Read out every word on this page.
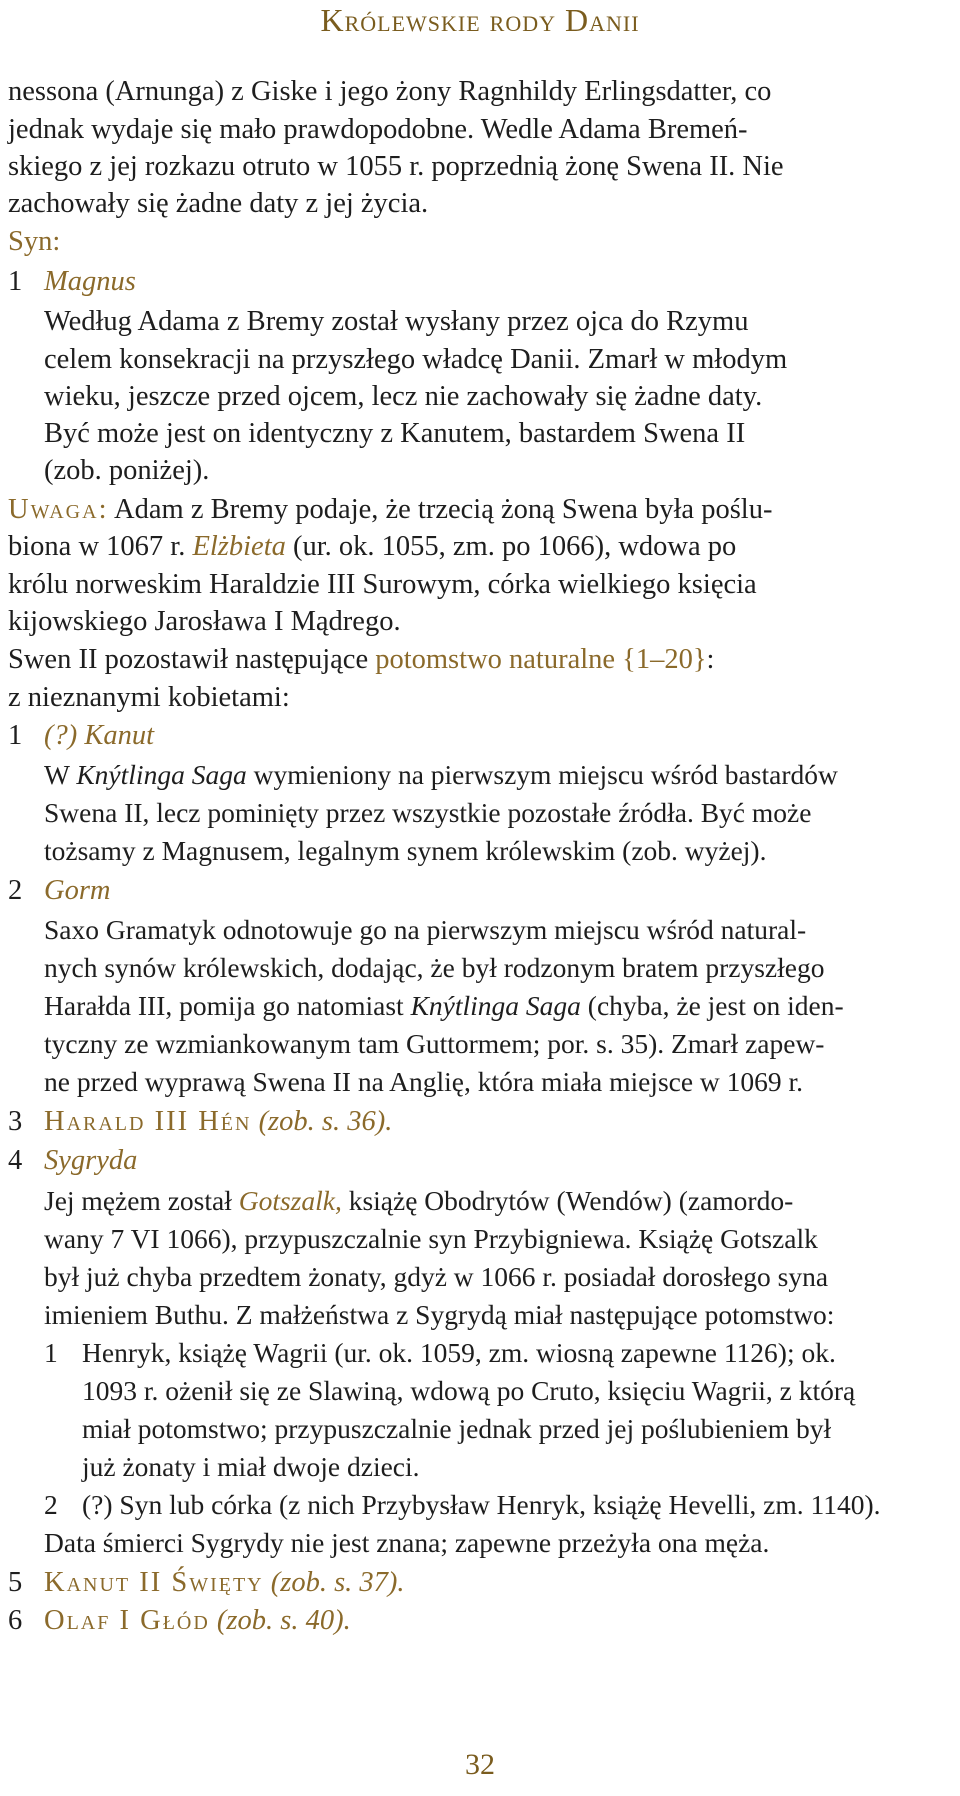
Królewskie rody Danii
nessona (Arnunga) z Giske i jego żony Ragnhildy Erlingsdatter, co
jednak wydaje się mało prawdopodobne. Wedle Adama Bremeń-
skiego z jej rozkazu otruto w 1055 r. poprzednią żonę Swena II. Nie
zachowały się żadne daty z jej życia.
Syn:
1 Magnus
Według Adama z Bremy został wysłany przez ojca do Rzymu
celem konsekracji na przyszłego władcę Danii. Zmarł w młodym
wieku, jeszcze przed ojcem, lecz nie zachowały się żadne daty.
Być może jest on identyczny z Kanutem, bastardem Swena II
(zob. poniżej).
Uwaga: Adam z Bremy podaje, że trzecią żoną Swena była poślu-
biona w 1067 r. Elżbieta (ur. ok. 1055, zm. po 1066), wdowa po
królu norweskim Haraldzie III Surowym, córka wielkiego księcia
kijowskiego Jarosława I Mądrego.
Swen II pozostawił następujące potomstwo naturalne {1–20}:
z nieznanymi kobietami:
1 (?) Kanut
W Knýtlinga Saga wymieniony na pierwszym miejscu wśród bastardów
Swena II, lecz pominięty przez wszystkie pozostałe źródła. Być może
tożsamy z Magnusem, legalnym synem królewskim (zob. wyżej).
2 Gorm
Saxo Gramatyk odnotowuje go na pierwszym miejscu wśród natural-
nych synów królewskich, dodając, że był rodzonym bratem przyszłego
Harałda III, pomija go natomiast Knýtlinga Saga (chyba, że jest on iden-
tyczny ze wzmiankowanym tam Guttormem; por. s. 35). Zmarł zapew-
ne przed wyprawą Swena II na Anglię, która miała miejsce w 1069 r.
3 Harald III Hén (zob. s. 36).
4 Sygryda
Jej mężem został Gotszalk, książę Obodrytów (Wendów) (zamordo-
wany 7 VI 1066), przypuszczalnie syn Przybigniewa. Książę Gotszalk
był już chyba przedtem żonaty, gdyż w 1066 r. posiadał dorosłego syna
imieniem Buthu. Z małżeństwa z Sygrydą miał następujące potomstwo:
1 Henryk, książę Wagrii (ur. ok. 1059, zm. wiosną zapewne 1126); ok.
1093 r. ożenił się ze Slawiną, wdową po Cruto, księciu Wagrii, z którą
miał potomstwo; przypuszczalnie jednak przed jej poślubieniem był
już żonaty i miał dwoje dzieci.
2 (?) Syn lub córka (z nich Przybysław Henryk, książę Hevelli, zm. 1140).
Data śmierci Sygrydy nie jest znana; zapewne przeżyła ona męża.
5 Kanut II Święty (zob. s. 37).
6 Olaf I Głód (zob. s. 40).
32
